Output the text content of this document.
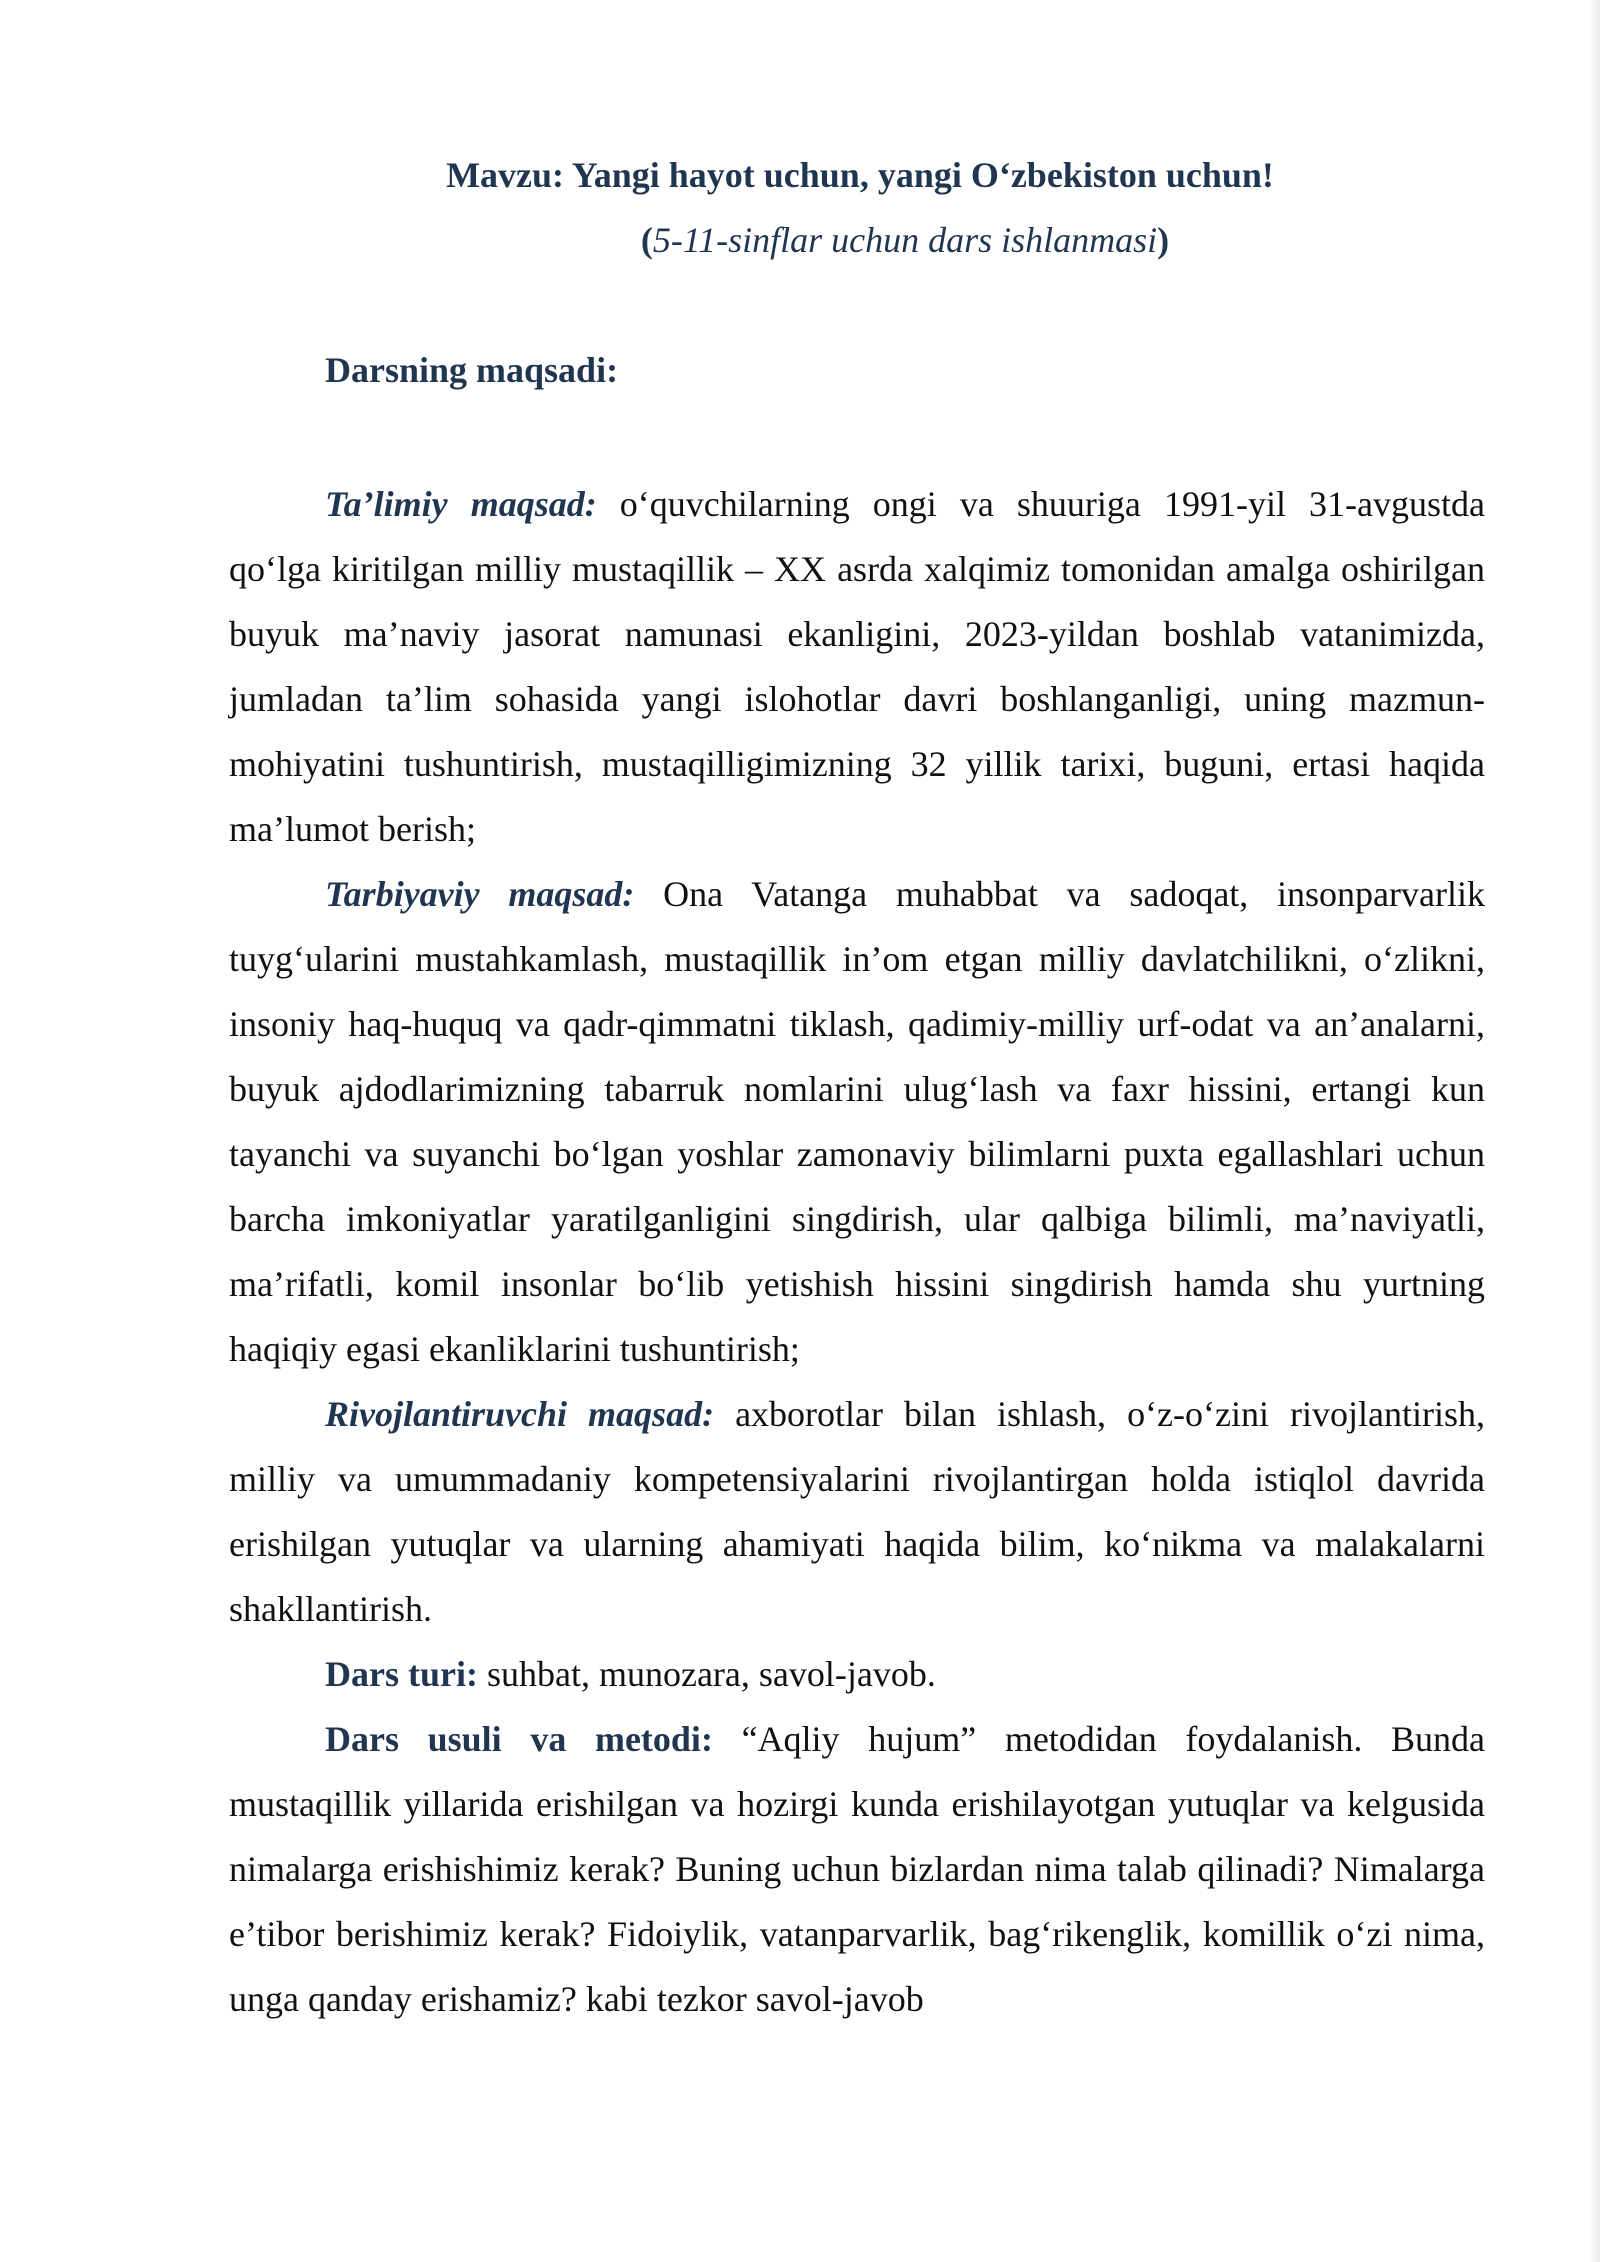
Mavzu: Yangi hayot uchun, yangi O‘zbekiston uchun!
(5-11-sinflar uchun dars ishlanmasi)
Darsning maqsadi:

Ta’limiy maqsad: o‘quvchilarning ongi va shuuriga 1991-yil 31-avgustda qo‘lga kiritilgan milliy mustaqillik – XX asrda xalqimiz tomonidan amalga oshirilgan buyuk ma’naviy jasorat namunasi ekanligini, 2023-yildan boshlab vatanimizda, jumladan ta’lim sohasida yangi islohotlar davri boshlanganligi, uning mazmun-mohiyatini tushuntirish, mustaqilligimizning 32 yillik tarixi, buguni, ertasi haqida ma’lumot berish;

Tarbiyaviy maqsad: Ona Vatanga muhabbat va sadoqat, insonparvarlik tuyg‘ularini mustahkamlash, mustaqillik in’om etgan milliy davlatchilikni, o‘zlikni, insoniy haq-huquq va qadr-qimmatni tiklash, qadimiy-milliy urf-odat va an’analarni, buyuk ajdodlarimizning tabarruk nomlarini ulug‘lash va faxr hissini, ertangi kun tayanchi va suyanchi bo‘lgan yoshlar zamonaviy bilimlarni puxta egallashlari uchun barcha imkoniyatlar yaratilganligini singdirish, ular qalbiga bilimli, ma’naviyatli, ma’rifatli, komil insonlar bo‘lib yetishish hissini singdirish hamda shu yurtning haqiqiy egasi ekanliklarini tushuntirish;

Rivojlantiruvchi maqsad: axborotlar bilan ishlash, o‘z-o‘zini rivojlantirish, milliy va umummadaniy kompetensiyalarini rivojlantirgan holda istiqlol davrida erishilgan yutuqlar va ularning ahamiyati haqida bilim, ko‘nikma va malakalarni shakllantirish.

Dars turi: suhbat, munozara, savol-javob.

Dars usuli va metodi: “Aqliy hujum” metodidan foydalanish. Bunda mustaqillik yillarida erishilgan va hozirgi kunda erishilayotgan yutuqlar va kelgusida nimalarga erishishimiz kerak? Buning uchun bizlardan nima talab qilinadi? Nimalarga e’tibor berishimiz kerak? Fidoiylik, vatanparvarlik, bag‘rikenglik, komillik o‘zi nima, unga qanday erishamiz? kabi tezkor savol-javob
